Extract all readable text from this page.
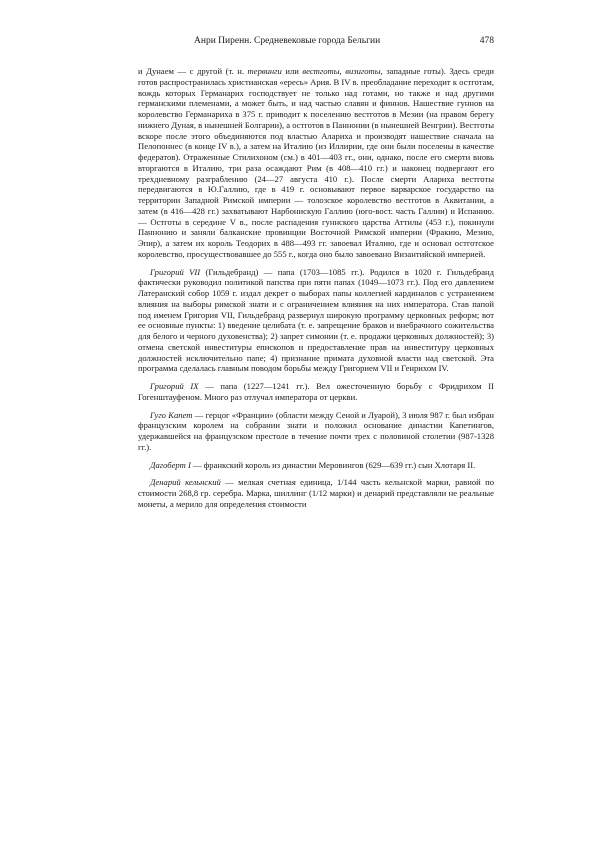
Анри Пиренн. Средневековые города Бельгии	478

и Дунаем — с другой (т. н. тервинги или вестготы, визиготы, западные готы). Здесь среди готов распространилась христианская «ересь» Ария. В IV в. преобладание переходит к остготам, вождь которых Германарих господствует не только над готами, но также и над другими германскими племенами, а может быть, и над частью славян и финнов. Нашествие гуннов на королевство Германариха в 375 г. приводит к поселению вестготов в Мезии (на правом берегу нижнего Дуная, в нынешней Болгарии), а остготов в Паннонии (в нынешней Венгрии). Вестготы вскоре после этого объединяются под властью Алариха и производят нашествие сначала на Пелопоннес (в конце IV в.), а затем на Италию (из Иллирии, где они были поселены в качестве федератов). Отраженные Стилихоном (см.) в 401—403 гг., они, однако, после его смерти вновь вторгаются в Италию, три раза осаждают Рим (в 408—410 гг.) и наконец подвергают его трехдневному разграблению (24—27 августа 410 г.). После смерти Алариха вестготы передвигаются в Ю.Галлию, где в 419 г. основывают первое варварское государство на территории Западной Римской империи — толозское королевство вестготов в Аквитании, а затем (в 416—428 гг.) захватывают Нарбонискую Галлию (юго-вост. часть Галлии) и Испанию. — Остготы в середине V в., после распадения гуннского царства Аттилы (453 г.), покинули Паннонию и заняли балканские провинции Восточной Римской империи (Фракию, Мезию, Эпир), а затем их король Теодорих в 488—493 гг. завоевал Италию, где и основал остготское королевство, просуществовавшее до 555 г., когда оно было завоевано Византийской империей.

Григорий VII (Гильдебранд) — папа (1703—1085 гг.). Родился в 1020 г. Гильдебранд фактически руководил политикой папства при пяти папах (1049—1073 гг.). Под его давлением Латеранский собор 1059 г. издал декрет о выборах папы коллегией кардиналов с устранением влияния на выборы римской знати и с ограничением влияния на них императора. Став папой под именем Григория VII, Гильдебранд развернул широкую программу церковных реформ; вот ее основные пункты: 1) введение целибата (т. е. запрещение браков и внебрачного сожительства для белого и черного духовенства); 2) запрет симонии (т. е. продажи церковных должностей); 3) отмена светской инвеституры епископов и предоставление прав на инвеституру церковных должностей исключительно папе; 4) признание примата духовной власти над светской. Эта программа сделалась главным поводом борьбы между Григорием VII и Генрихом IV.

Григорий IX — папа (1227—1241 гг.). Вел ожесточенную борьбу с Фридрихом II Гогенштауфеном. Много раз отлучал императора от церкви.

Гуго Капет — герцог «Франции» (области между Сеной и Луарой), 3 июля 987 г. был избран французским королем на собрании знати и положил основание династии Капетингов, удержавшейся на французском престоле в течение почти трех с половиной столетии (987-1328 гг.).

Дагоберт I — франкский король из династии Меровингов (629—639 гг.) сын Хлотаря II.

Денарий кельнский — мелкая счетная единица, 1/144 часть кельнской марки, равной по стоимости 268,8 гр. серебра. Марка, шиллинг (1/12 марки) и денарий представляли не реальные монеты, а мерило для определения стоимости
